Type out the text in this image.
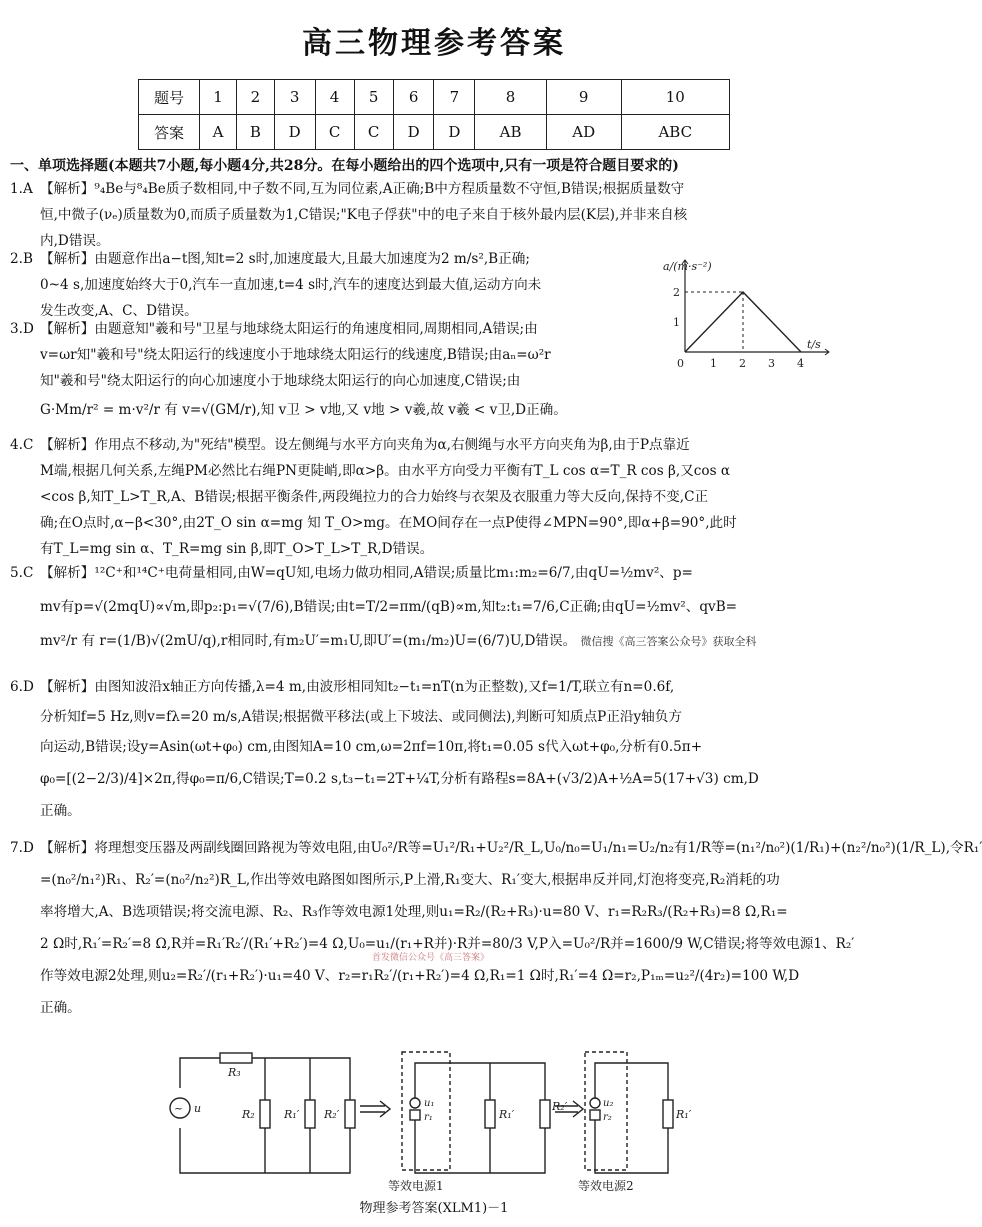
高三物理参考答案
题号	1	2	3	4	5	6	7	8	9	10
答案	A	B	D	C	C	D	D	AB	AD	ABC
一、单项选择题(本题共7小题,每小题4分,共28分。在每小题给出的四个选项中,只有一项是符合题目要求的)

1.A 【解析】⁹₄Be与⁸₄Be质子数相同,中子数不同,互为同位素,A正确;B中方程质量数不守恒,B错误;根据质量数守

恒,中微子(νₑ)质量数为0,而质子质量数为1,C错误;"K电子俘获"中的电子来自于核外最内层(K层),并非来自核

内,D错误。

2.B 【解析】由题意作出a−t图,知t=2 s时,加速度最大,且最大加速度为2 m/s²,B正确;

0~4 s,加速度始终大于0,汽车一直加速,t=4 s时,汽车的速度达到最大值,运动方向未

发生改变,A、C、D错误。

a/(m·s⁻²)
t/s
0 1 2 3 4
1
2

3.D 【解析】由题意知"羲和号"卫星与地球绕太阳运行的角速度相同,周期相同,A错误;由

v=ωr知"羲和号"绕太阳运行的线速度小于地球绕太阳运行的线速度,B错误;由aₙ=ω²r

知"羲和号"绕太阳运行的向心加速度小于地球绕太阳运行的向心加速度,C错误;由

G·Mm/r² = m·v²/r 有 v=√(GM/r),知 v卫 > v地,又 v地 > v羲,故 v羲 < v卫,D正确。

4.C 【解析】作用点不移动,为"死结"模型。设左侧绳与水平方向夹角为α,右侧绳与水平方向夹角为β,由于P点靠近

M端,根据几何关系,左绳PM必然比右绳PN更陡峭,即α>β。由水平方向受力平衡有T_L cos α=T_R cos β,又cos α

<cos β,知T_L>T_R,A、B错误;根据平衡条件,两段绳拉力的合力始终与衣架及衣服重力等大反向,保持不变,C正

确;在O点时,α−β<30°,由2T_O sin α=mg 知 T_O>mg。在MO间存在一点P使得∠MPN=90°,即α+β=90°,此时

有T_L=mg sin α、T_R=mg sin β,即T_O>T_L>T_R,D错误。

5.C 【解析】¹²C⁺和¹⁴C⁺电荷量相同,由W=qU知,电场力做功相同,A错误;质量比m₁:m₂=6/7,由qU=½mv²、p=

mv有p=√(2mqU)∝√m,即p₂:p₁=√(7/6),B错误;由t=T/2=πm/(qB)∝m,知t₂:t₁=7/6,C正确;由qU=½mv²、qvB=

mv²/r 有 r=(1/B)√(2mU/q),r相同时,有m₂U′=m₁U,即U′=(m₁/m₂)U=(6/7)U,D错误。 微信搜《高三答案公众号》获取全科

6.D 【解析】由图知波沿x轴正方向传播,λ=4 m,由波形相同知t₂−t₁=nT(n为正整数),又f=1/T,联立有n=0.6f,

分析知f=5 Hz,则v=fλ=20 m/s,A错误;根据微平移法(或上下坡法、或同侧法),判断可知质点P正沿y轴负方

向运动,B错误;设y=Asin(ωt+φ₀) cm,由图知A=10 cm,ω=2πf=10π,将t₁=0.05 s代入ωt+φ₀,分析有0.5π+

φ₀=[(2−2/3)/4]×2π,得φ₀=π/6,C错误;T=0.2 s,t₃−t₁=2T+¼T,分析有路程s=8A+(√3/2)A+½A=5(17+√3) cm,D

正确。

7.D 【解析】将理想变压器及两副线圈回路视为等效电阻,由U₀²/R等=U₁²/R₁+U₂²/R_L,U₀/n₀=U₁/n₁=U₂/n₂有1/R等=(n₁²/n₀²)(1/R₁)+(n₂²/n₀²)(1/R_L),令R₁′

=(n₀²/n₁²)R₁、R₂′=(n₀²/n₂²)R_L,作出等效电路图如图所示,P上滑,R₁变大、R₁′变大,根据串反并同,灯泡将变亮,R₂消耗的功

率将增大,A、B选项错误;将交流电源、R₂、R₃作等效电源1处理,则u₁=R₂/(R₂+R₃)·u=80 V、r₁=R₂R₃/(R₂+R₃)=8 Ω,R₁=

2 Ω时,R₁′=R₂′=8 Ω,R并=R₁′R₂′/(R₁′+R₂′)=4 Ω,U₀=u₁/(r₁+R并)·R并=80/3 V,P入=U₀²/R并=1600/9 W,C错误;将等效电源1、R₂′

作等效电源2处理,则u₂=R₂′/(r₁+R₂′)·u₁=40 V、r₂=r₁R₂′/(r₁+R₂′)=4 Ω,R₁=1 Ω时,R₁′=4 Ω=r₂,P₁ₘ=u₂²/(4r₂)=100 W,D

正确。

首发微信公众号《高三答案》
~ u
R₃
R₂	R₁′ R₂′
u₁
r₁	R₁′
R₂′
等效电源1
u₂
r₂	R₁′
等效电源2
物理参考答案(XLM1)－1
